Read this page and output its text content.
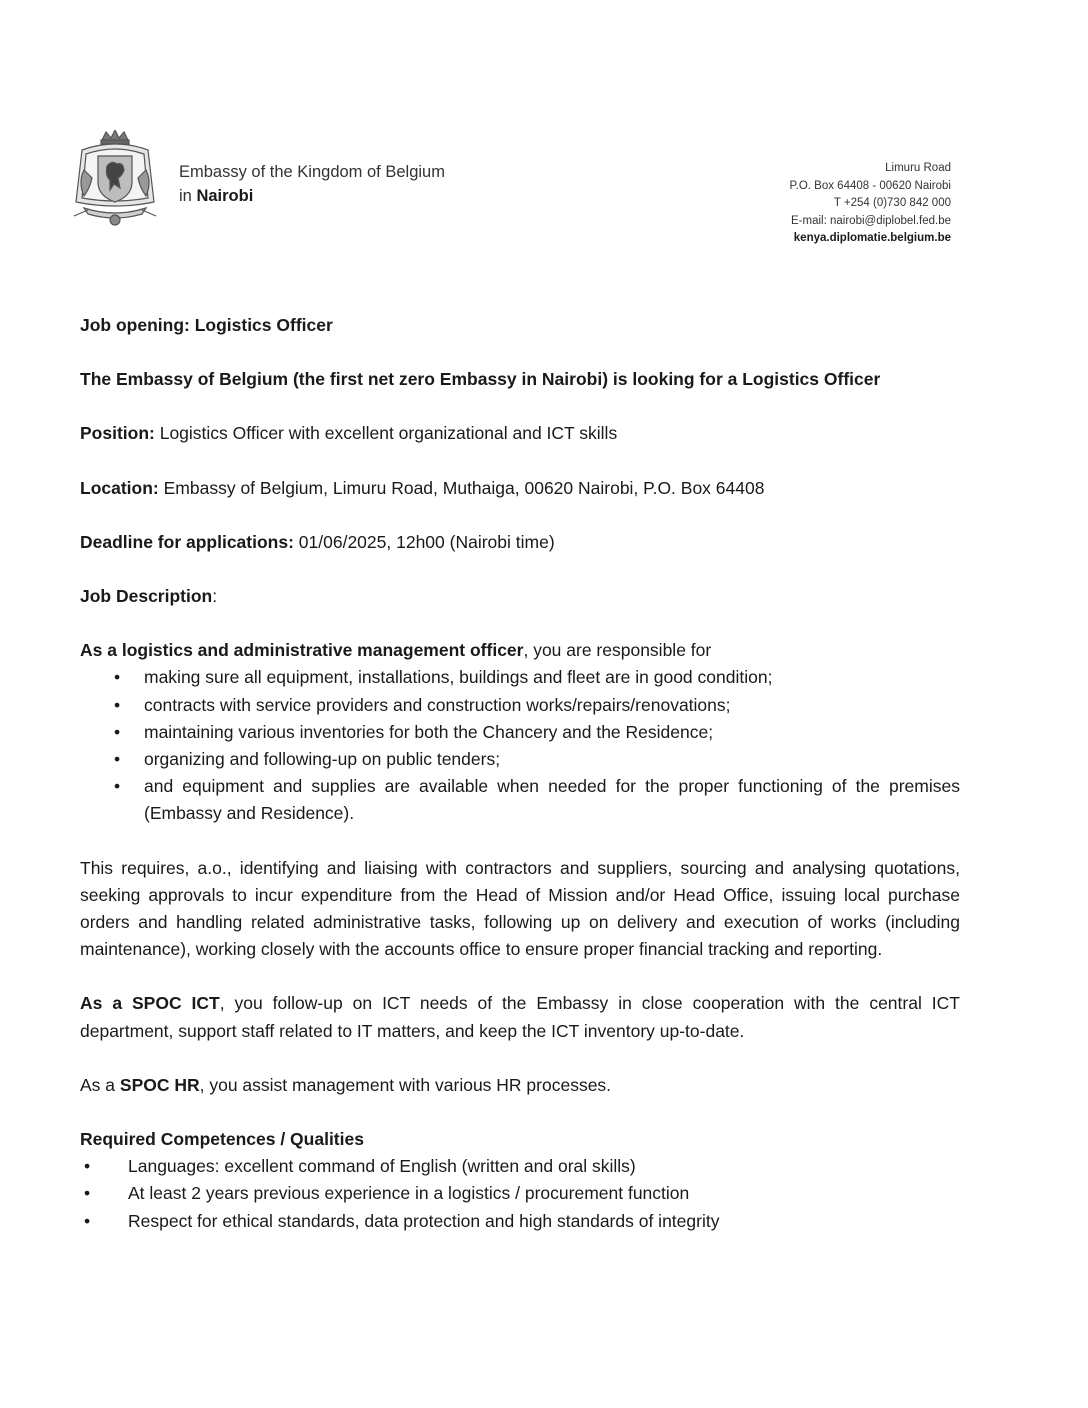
Embassy of the Kingdom of Belgium
in Nairobi
Limuru Road
P.O. Box 64408 - 00620 Nairobi
T +254 (0)730 842 000
E-mail: nairobi@diplobel.fed.be
kenya.diplomatie.belgium.be

Job opening: Logistics Officer

The Embassy of Belgium (the first net zero Embassy in Nairobi) is looking for a Logistics Officer

Position: Logistics Officer with excellent organizational and ICT skills

Location: Embassy of Belgium, Limuru Road, Muthaiga, 00620 Nairobi, P.O. Box 64408

Deadline for applications: 01/06/2025, 12h00 (Nairobi time)

Job Description:

As a logistics and administrative management officer, you are responsible for

• making sure all equipment, installations, buildings and fleet are in good condition;
• contracts with service providers and construction works/repairs/renovations;
• maintaining various inventories for both the Chancery and the Residence;
• organizing and following-up on public tenders;
• and equipment and supplies are available when needed for the proper functioning of the premises (Embassy and Residence).

This requires, a.o., identifying and liaising with contractors and suppliers, sourcing and analysing quotations, seeking approvals to incur expenditure from the Head of Mission and/or Head Office, issuing local purchase orders and handling related administrative tasks, following up on delivery and execution of works (including maintenance), working closely with the accounts office to ensure proper financial tracking and reporting.

As a SPOC ICT, you follow-up on ICT needs of the Embassy in close cooperation with the central ICT department, support staff related to IT matters, and keep the ICT inventory up-to-date.

As a SPOC HR, you assist management with various HR processes.

Required Competences / Qualities

• Languages: excellent command of English (written and oral skills)
• At least 2 years previous experience in a logistics / procurement function
• Respect for ethical standards, data protection and high standards of integrity
